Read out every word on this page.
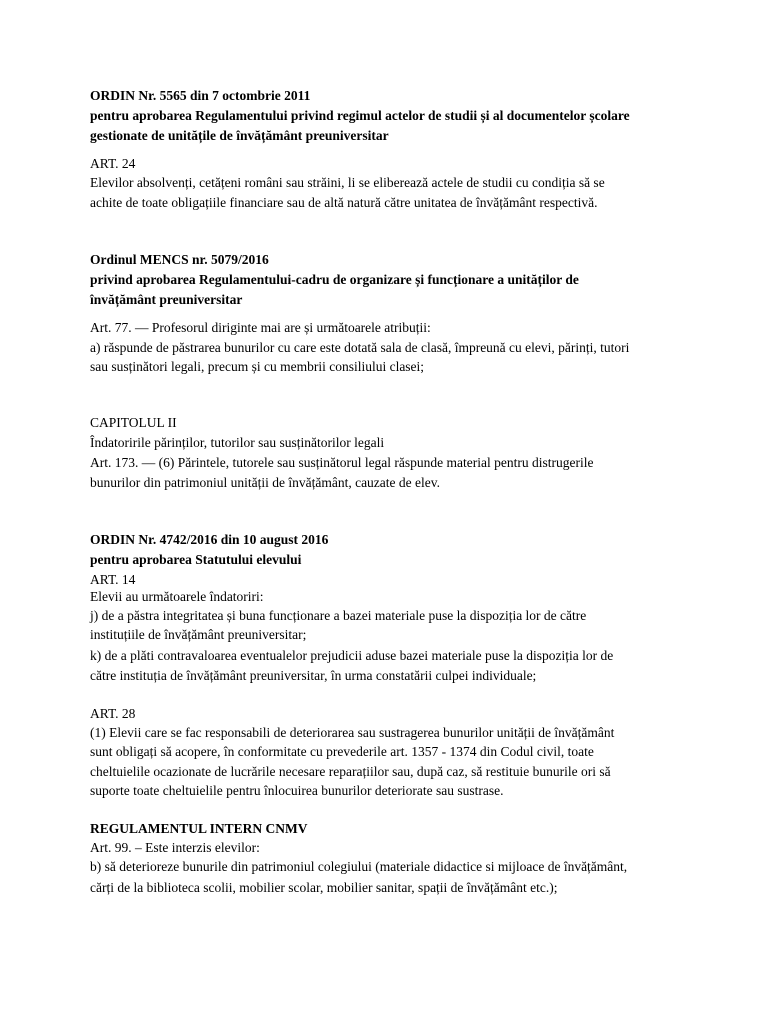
ORDIN Nr. 5565 din 7 octombrie 2011
pentru aprobarea Regulamentului privind regimul actelor de studii și al documentelor școlare
gestionate de unitățile de învățământ preuniversitar
ART. 24
Elevilor absolvenți, cetățeni români sau străini, li se eliberează actele de studii cu condiția să se
achite de toate obligațiile financiare sau de altă natură către unitatea de învățământ respectivă.
Ordinul MENCS nr. 5079/2016
privind aprobarea Regulamentului-cadru de organizare și funcționare a unităților de
învățământ preuniversitar
Art. 77. — Profesorul diriginte mai are și următoarele atribuții:
a) răspunde de păstrarea bunurilor cu care este dotată sala de clasă, împreună cu elevi, părinți, tutori
sau susținători legali, precum și cu membrii consiliului clasei;
CAPITOLUL II
Îndatoririle părinților, tutorilor sau susținătorilor legali
Art. 173. — (6) Părintele, tutorele sau susținătorul legal răspunde material pentru distrugerile
bunurilor din patrimoniul unității de învățământ, cauzate de elev.
ORDIN Nr. 4742/2016 din 10 august 2016
pentru aprobarea Statutului elevului
ART. 14
Elevii au următoarele îndatoriri:
j) de a păstra integritatea și buna funcționare a bazei materiale puse la dispoziția lor de către
instituțiile de învățământ preuniversitar;
k) de a plăti contravaloarea eventualelor prejudicii aduse bazei materiale puse la dispoziția lor de
către instituția de învățământ preuniversitar, în urma constatării culpei individuale;
ART. 28
(1) Elevii care se fac responsabili de deteriorarea sau sustragerea bunurilor unității de învățământ
sunt obligați să acopere, în conformitate cu prevederile art. 1357 - 1374 din Codul civil, toate
cheltuielile ocazionate de lucrările necesare reparațiilor sau, după caz, să restituie bunurile ori să
suporte toate cheltuielile pentru înlocuirea bunurilor deteriorate sau sustrase.
REGULAMENTUL INTERN CNMV
Art. 99. – Este interzis elevilor:
b) să deterioreze bunurile din patrimoniul colegiului (materiale didactice si mijloace de învățământ,
cărți de la biblioteca scolii, mobilier scolar, mobilier sanitar, spații de învățământ etc.);
